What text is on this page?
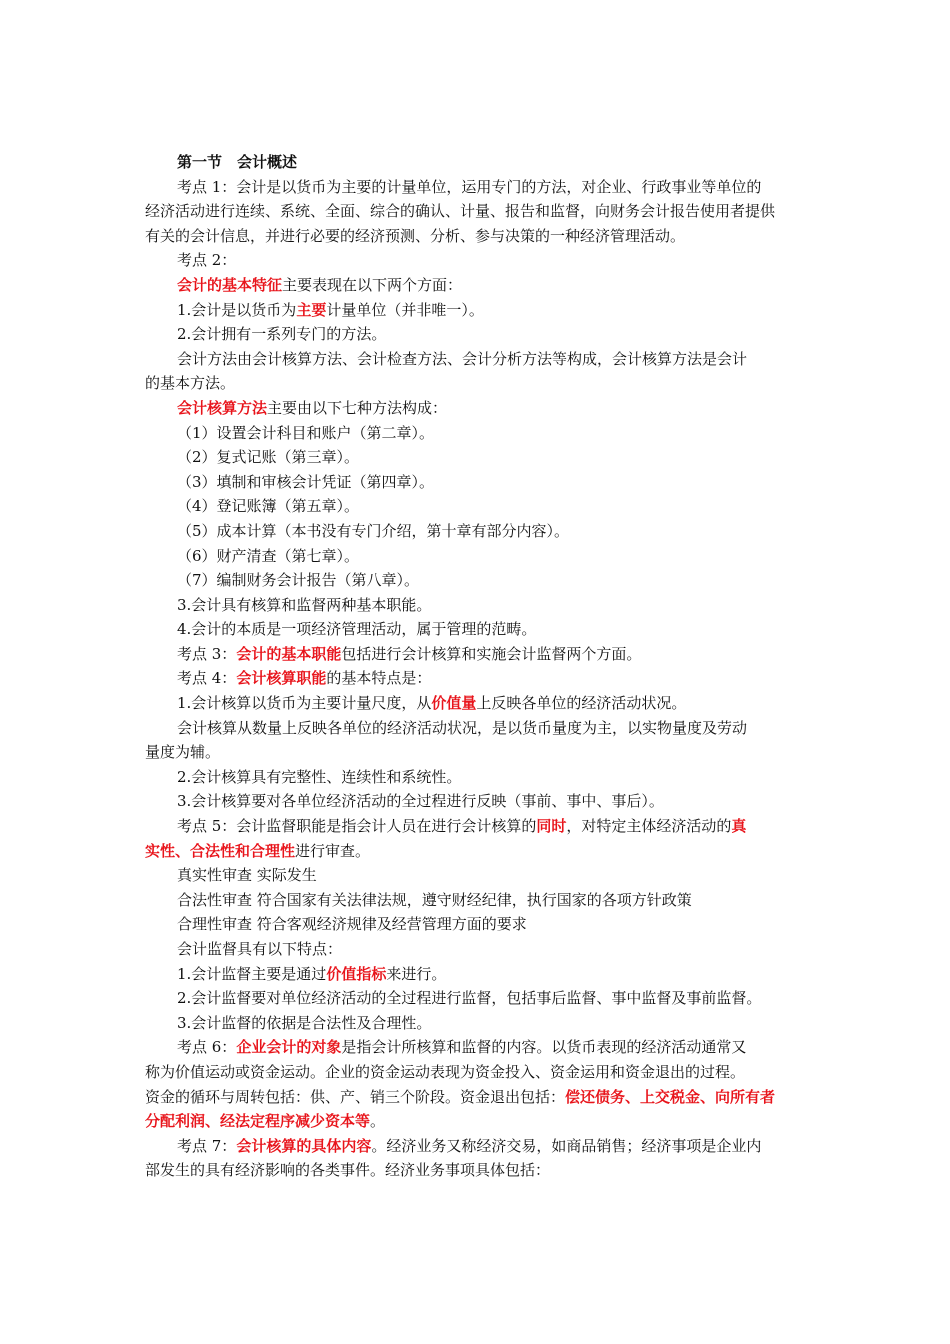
第一节　会计概述

考点 1：会计是以货币为主要的计量单位，运用专门的方法，对企业、行政事业等单位的

经济活动进行连续、系统、全面、综合的确认、计量、报告和监督，向财务会计报告使用者提供

有关的会计信息，并进行必要的经济预测、分析、参与决策的一种经济管理活动。

考点 2：

会计的基本特征主要表现在以下两个方面：

1.会计是以货币为主要计量单位（并非唯一）。

2.会计拥有一系列专门的方法。

会计方法由会计核算方法、会计检查方法、会计分析方法等构成，会计核算方法是会计

的基本方法。

会计核算方法主要由以下七种方法构成：

（1）设置会计科目和账户（第二章）。

（2）复式记账（第三章）。

（3）填制和审核会计凭证（第四章）。

（4）登记账簿（第五章）。

（5）成本计算（本书没有专门介绍，第十章有部分内容）。

（6）财产清查（第七章）。

（7）编制财务会计报告（第八章）。

3.会计具有核算和监督两种基本职能。

4.会计的本质是一项经济管理活动，属于管理的范畴。

考点 3：会计的基本职能包括进行会计核算和实施会计监督两个方面。

考点 4：会计核算职能的基本特点是：

1.会计核算以货币为主要计量尺度，从价值量上反映各单位的经济活动状况。

会计核算从数量上反映各单位的经济活动状况，是以货币量度为主，以实物量度及劳动

量度为辅。

2.会计核算具有完整性、连续性和系统性。

3.会计核算要对各单位经济活动的全过程进行反映（事前、事中、事后）。

考点 5：会计监督职能是指会计人员在进行会计核算的同时，对特定主体经济活动的真

实性、合法性和合理性进行审查。

真实性审查 实际发生

合法性审查 符合国家有关法律法规，遵守财经纪律，执行国家的各项方针政策

合理性审查 符合客观经济规律及经营管理方面的要求

会计监督具有以下特点：

1.会计监督主要是通过价值指标来进行。

2.会计监督要对单位经济活动的全过程进行监督，包括事后监督、事中监督及事前监督。

3.会计监督的依据是合法性及合理性。

考点 6：企业会计的对象是指会计所核算和监督的内容。以货币表现的经济活动通常又

称为价值运动或资金运动。企业的资金运动表现为资金投入、资金运用和资金退出的过程。

资金的循环与周转包括：供、产、销三个阶段。资金退出包括：偿还债务、上交税金、向所有者

分配利润、经法定程序减少资本等。

考点 7：会计核算的具体内容。经济业务又称经济交易，如商品销售；经济事项是企业内

部发生的具有经济影响的各类事件。经济业务事项具体包括：
